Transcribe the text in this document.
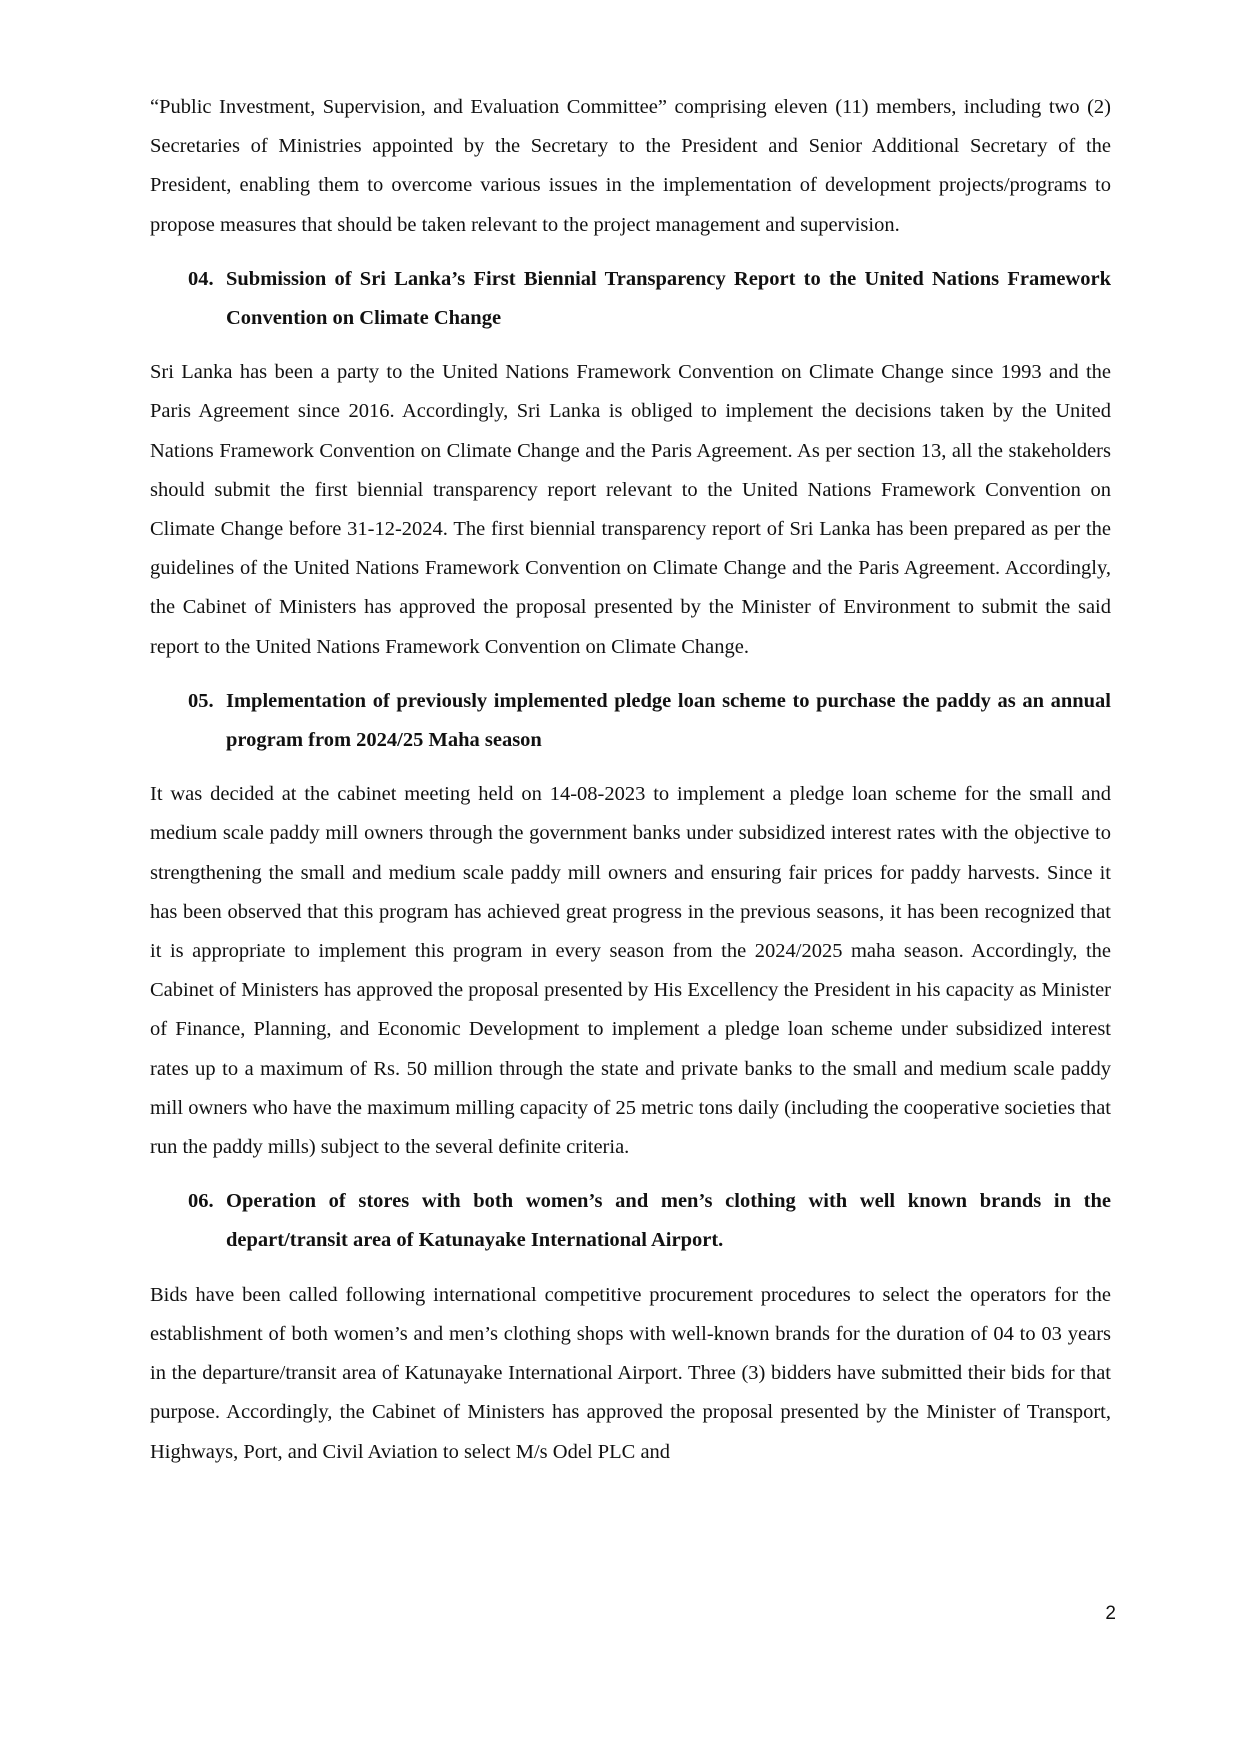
“Public Investment, Supervision, and Evaluation Committee” comprising eleven (11) members, including two (2) Secretaries of Ministries appointed by the Secretary to the President and Senior Additional Secretary of the President, enabling them to overcome various issues in the implementation of development projects/programs to propose measures that should be taken relevant to the project management and supervision.

04. Submission of Sri Lanka’s First Biennial Transparency Report to the United Nations Framework Convention on Climate Change

Sri Lanka has been a party to the United Nations Framework Convention on Climate Change since 1993 and the Paris Agreement since 2016. Accordingly, Sri Lanka is obliged to implement the decisions taken by the United Nations Framework Convention on Climate Change and the Paris Agreement. As per section 13, all the stakeholders should submit the first biennial transparency report relevant to the United Nations Framework Convention on Climate Change before 31-12-2024. The first biennial transparency report of Sri Lanka has been prepared as per the guidelines of the United Nations Framework Convention on Climate Change and the Paris Agreement. Accordingly, the Cabinet of Ministers has approved the proposal presented by the Minister of Environment to submit the said report to the United Nations Framework Convention on Climate Change.

05. Implementation of previously implemented pledge loan scheme to purchase the paddy as an annual program from 2024/25 Maha season

It was decided at the cabinet meeting held on 14-08-2023 to implement a pledge loan scheme for the small and medium scale paddy mill owners through the government banks under subsidized interest rates with the objective to strengthening the small and medium scale paddy mill owners and ensuring fair prices for paddy harvests. Since it has been observed that this program has achieved great progress in the previous seasons, it has been recognized that it is appropriate to implement this program in every season from the 2024/2025 maha season. Accordingly, the Cabinet of Ministers has approved the proposal presented by His Excellency the President in his capacity as Minister of Finance, Planning, and Economic Development to implement a pledge loan scheme under subsidized interest rates up to a maximum of Rs. 50 million through the state and private banks to the small and medium scale paddy mill owners who have the maximum milling capacity of 25 metric tons daily (including the cooperative societies that run the paddy mills) subject to the several definite criteria.

06. Operation of stores with both women’s and men’s clothing with well known brands in the depart/transit area of Katunayake International Airport.

Bids have been called following international competitive procurement procedures to select the operators for the establishment of both women’s and men’s clothing shops with well-known brands for the duration of 04 to 03 years in the departure/transit area of Katunayake International Airport. Three (3) bidders have submitted their bids for that purpose. Accordingly, the Cabinet of Ministers has approved the proposal presented by the Minister of Transport, Highways, Port, and Civil Aviation to select M/s Odel PLC and

2
